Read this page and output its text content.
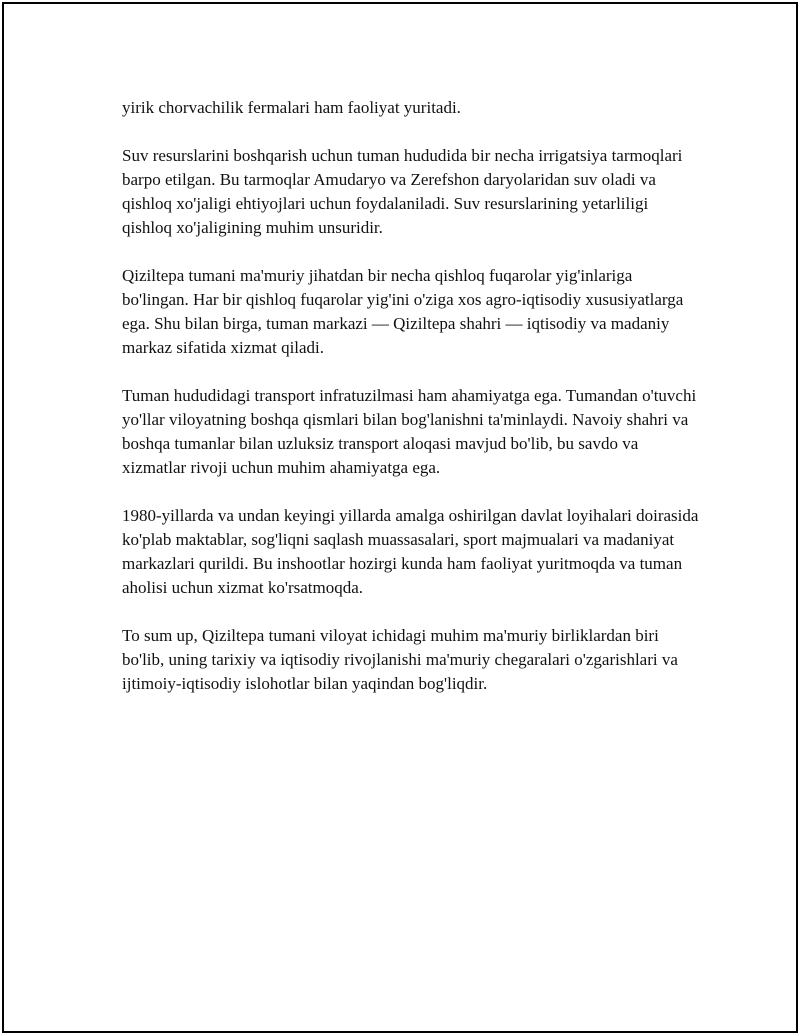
yirik chorvachilik fermalari ham faoliyat yuritadi.

Suv resurslarini boshqarish uchun tuman hududida bir necha irrigatsiya tarmoqlari barpo etilgan. Bu tarmoqlar Amudaryo va Zerefshon daryolaridan suv oladi va qishloq xo'jaligi ehtiyojlari uchun foydalaniladi. Suv resurslarining yetarliligi qishloq xo'jaligining muhim unsuridir.

Qiziltepa tumani ma'muriy jihatdan bir necha qishloq fuqarolar yig'inlariga bo'lingan. Har bir qishloq fuqarolar yig'ini o'ziga xos agro-iqtisodiy xususiyatlarga ega. Shu bilan birga, tuman markazi — Qiziltepa shahri — iqtisodiy va madaniy markaz sifatida xizmat qiladi.

Tuman hududidagi transport infratuzilmasi ham ahamiyatga ega. Tumandan o'tuvchi yo'llar viloyatning boshqa qismlari bilan bog'lanishni ta'minlaydi. Navoiy shahri va boshqa tumanlar bilan uzluksiz transport aloqasi mavjud bo'lib, bu savdo va xizmatlar rivoji uchun muhim ahamiyatga ega.

1980-yillarda va undan keyingi yillarda amalga oshirilgan davlat loyihalari doirasida ko'plab maktablar, sog'liqni saqlash muassasalari, sport majmualari va madaniyat markazlari qurildi. Bu inshootlar hozirgi kunda ham faoliyat yuritmoqda va tuman aholisi uchun xizmat ko'rsatmoqda.

To sum up, Qiziltepa tumani viloyat ichidagi muhim ma'muriy birliklardan biri bo'lib, uning tarixiy va iqtisodiy rivojlanishi ma'muriy chegaralari o'zgarishlari va ijtimoiy-iqtisodiy islohotlar bilan yaqindan bog'liqdir.
